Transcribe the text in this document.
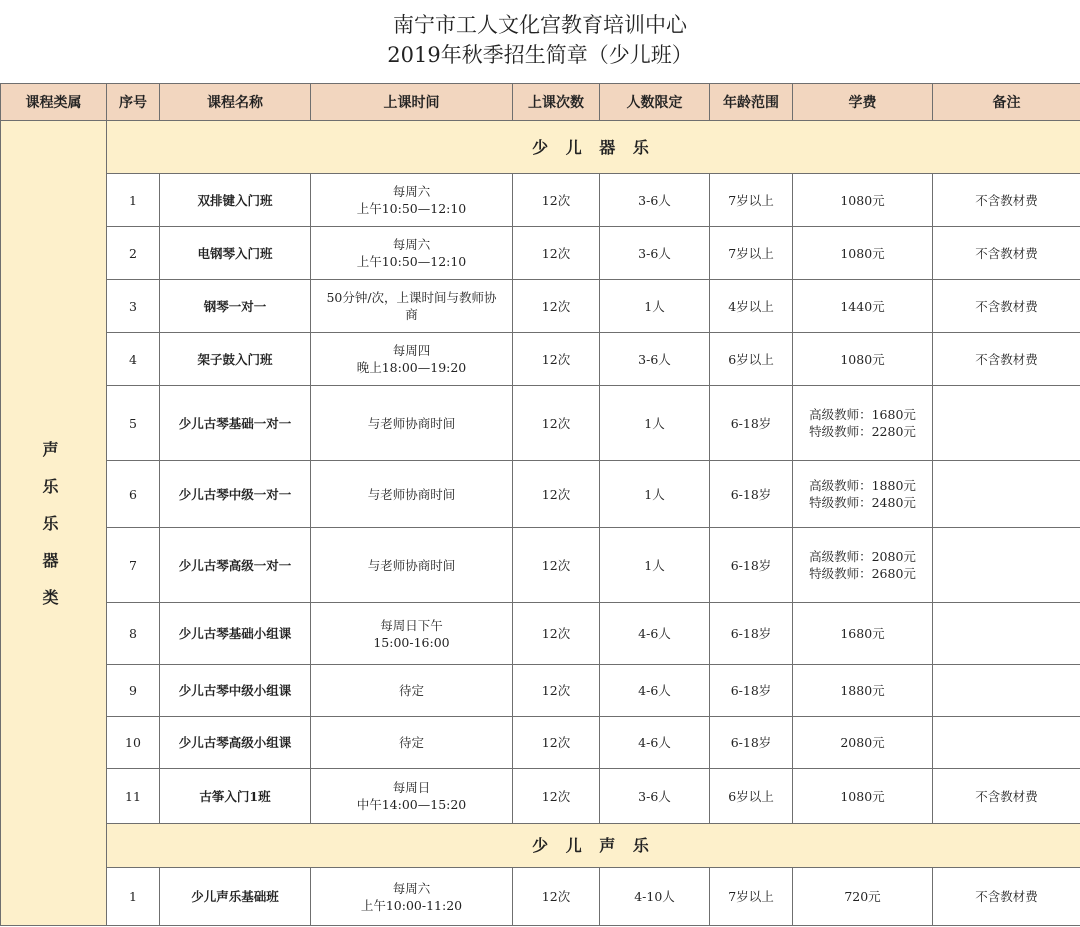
南宁市工人文化宫教育培训中心
2019年秋季招生简章（少儿班）
课程类属	序号	课程名称	上课时间	上课次数	人数限定	年龄范围	学费	备注

声
乐
乐
器
类	少 儿 器 乐							
	1	双排键入门班	每周六
上午10:50—12:10	12次	3-6人	7岁以上	1080元	不含教材费
	2	电钢琴入门班	每周六
上午10:50—12:10	12次	3-6人	7岁以上	1080元	不含教材费
	3	钢琴一对一	50分钟/次，上课时间与教师协
商	12次	1人	4岁以上	1440元	不含教材费
	4	架子鼓入门班	每周四
晚上18:00—19:20	12次	3-6人	6岁以上	1080元	不含教材费
	5	少儿古琴基础一对一	与老师协商时间	12次	1人	6-18岁	高级教师：1680元
特级教师：2280元	

	6	少儿古琴中级一对一	与老师协商时间	12次	1人	6-18岁	高级教师：1880元
特级教师：2480元	

	7	少儿古琴高级一对一	与老师协商时间	12次	1人	6-18岁	高级教师：2080元
特级教师：2680元	

	8	少儿古琴基础小组课	每周日下午
15:00-16:00	12次	4-6人	6-18岁	1680元	

	9	少儿古琴中级小组课	待定	12次	4-6人	6-18岁	1880元	

	10	少儿古琴高级小组课	待定	12次	4-6人	6-18岁	2080元	

	11	古筝入门1班	每周日
中午14:00—15:20	12次	3-6人	6岁以上	1080元	不含教材费
	少 儿 声 乐							
	1	少儿声乐基础班	每周六
上午10:00-11:20	12次	4-10人	7岁以上	720元	不含教材费
